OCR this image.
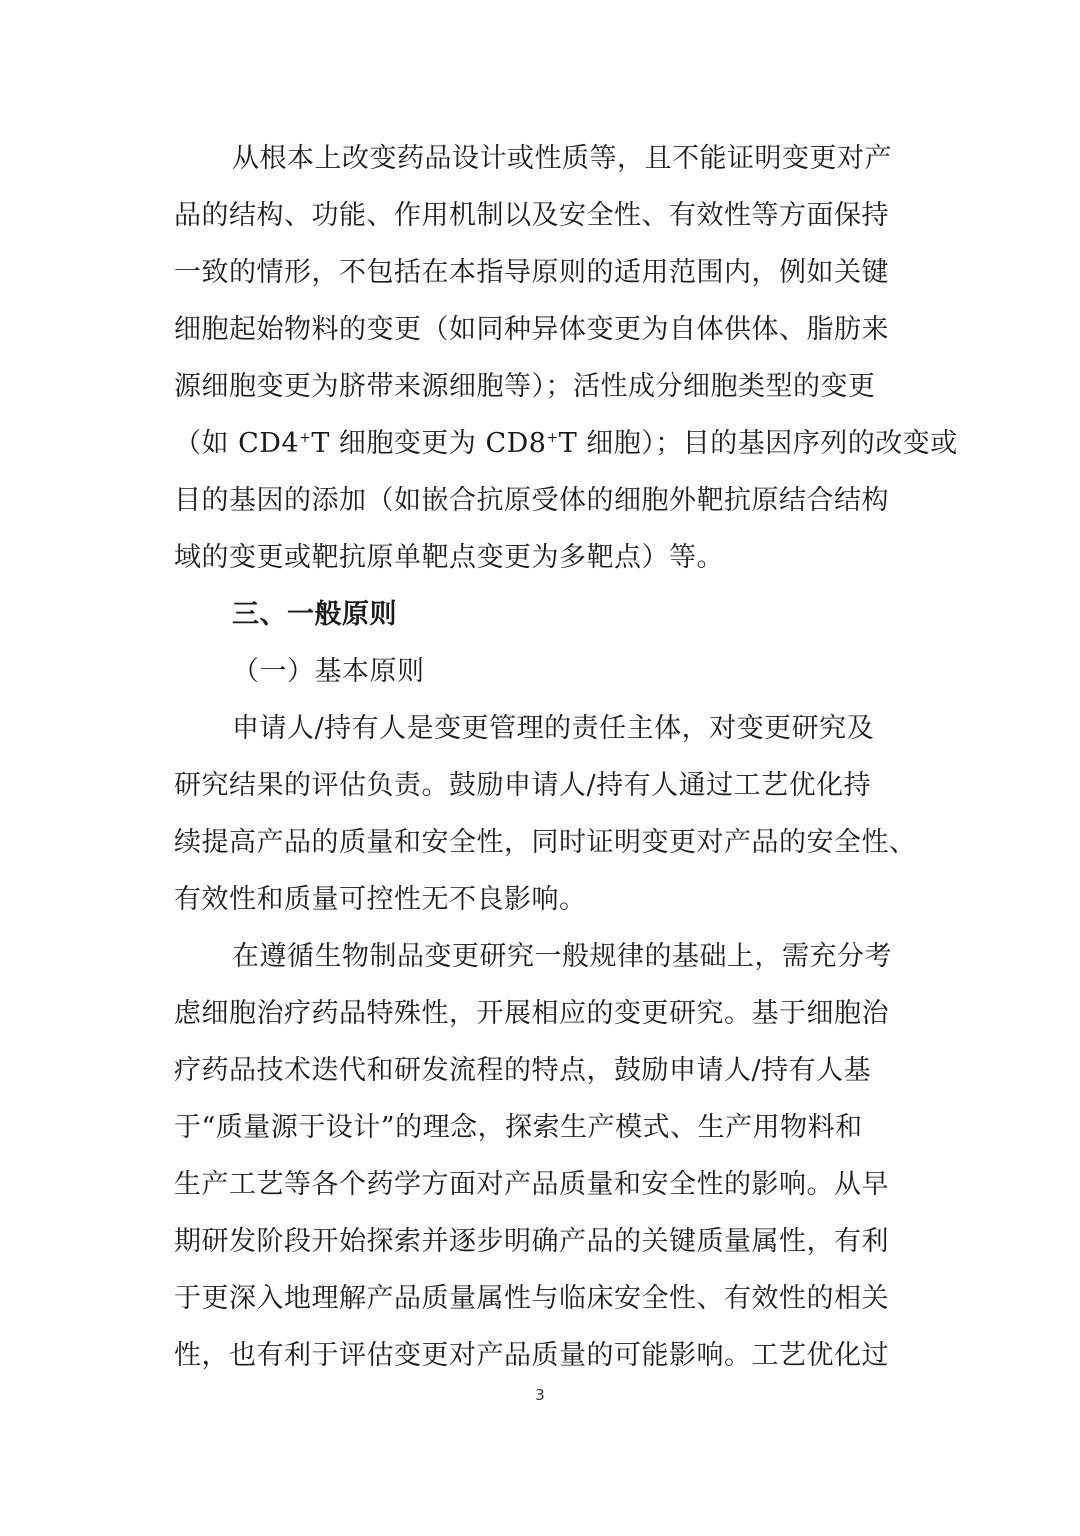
从根本上改变药品设计或性质等，且不能证明变更对产
品的结构、功能、作用机制以及安全性、有效性等方面保持
一致的情形，不包括在本指导原则的适用范围内，例如关键
细胞起始物料的变更（如同种异体变更为自体供体、脂肪来
源细胞变更为脐带来源细胞等）；活性成分细胞类型的变更
（如 CD4+T 细胞变更为 CD8+T 细胞）；目的基因序列的改变或
目的基因的添加（如嵌合抗原受体的细胞外靶抗原结合结构
域的变更或靶抗原单靶点变更为多靶点）等。
三、一般原则
（一）基本原则
申请人/持有人是变更管理的责任主体，对变更研究及
研究结果的评估负责。鼓励申请人/持有人通过工艺优化持
续提高产品的质量和安全性，同时证明变更对产品的安全性、
有效性和质量可控性无不良影响。
在遵循生物制品变更研究一般规律的基础上，需充分考
虑细胞治疗药品特殊性，开展相应的变更研究。基于细胞治
疗药品技术迭代和研发流程的特点，鼓励申请人/持有人基
于“质量源于设计”的理念，探索生产模式、生产用物料和
生产工艺等各个药学方面对产品质量和安全性的影响。从早
期研发阶段开始探索并逐步明确产品的关键质量属性，有利
于更深入地理解产品质量属性与临床安全性、有效性的相关
性，也有利于评估变更对产品质量的可能影响。工艺优化过
3
